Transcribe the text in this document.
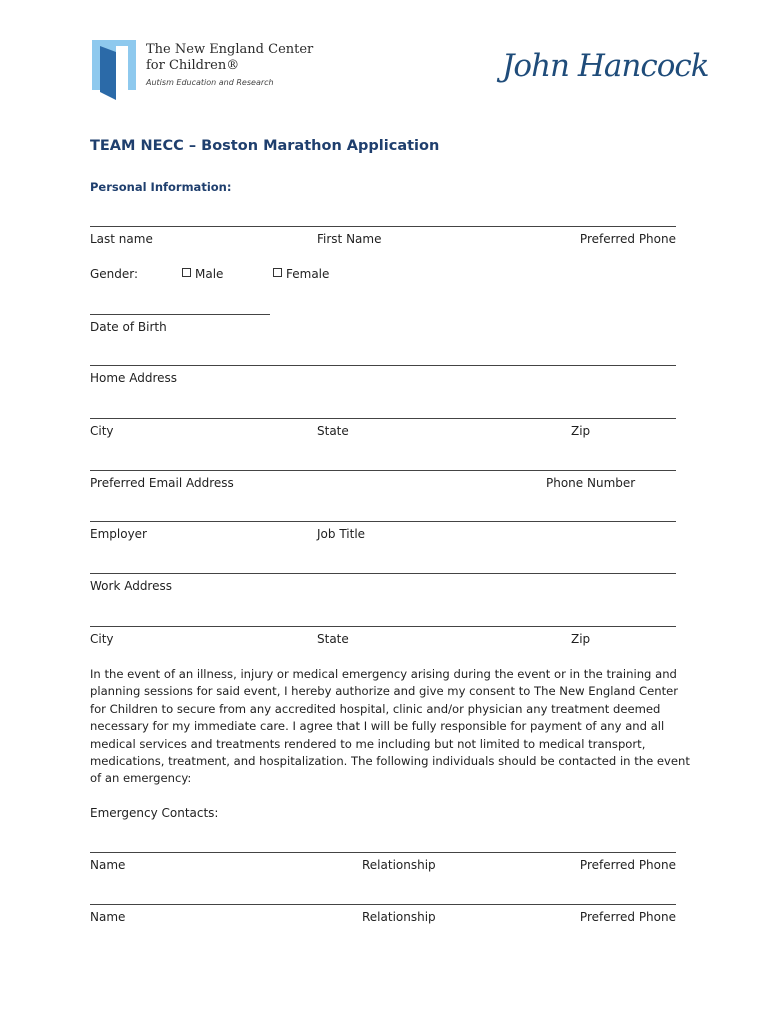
The New England Center
for Children®
Autism Education and Research	John Hancock
TEAM NECC – Boston Marathon Application
Personal Information:
Last name	First Name	Preferred Phone
Gender:	Male	Female
Date of Birth
Home Address
City	State	Zip
Preferred Email Address	Phone Number
Employer	Job Title
Work Address
City	State	Zip
In the event of an illness, injury or medical emergency arising during the event or in the training and planning sessions for said event, I hereby authorize and give my consent to The New England Center for Children to secure from any accredited hospital, clinic and/or physician any treatment deemed necessary for my immediate care. I agree that I will be fully responsible for payment of any and all medical services and treatments rendered to me including but not limited to medical transport, medications, treatment, and hospitalization. The following individuals should be contacted in the event of an emergency:
Emergency Contacts:
Name	Relationship	Preferred Phone
Name	Relationship	Preferred Phone
